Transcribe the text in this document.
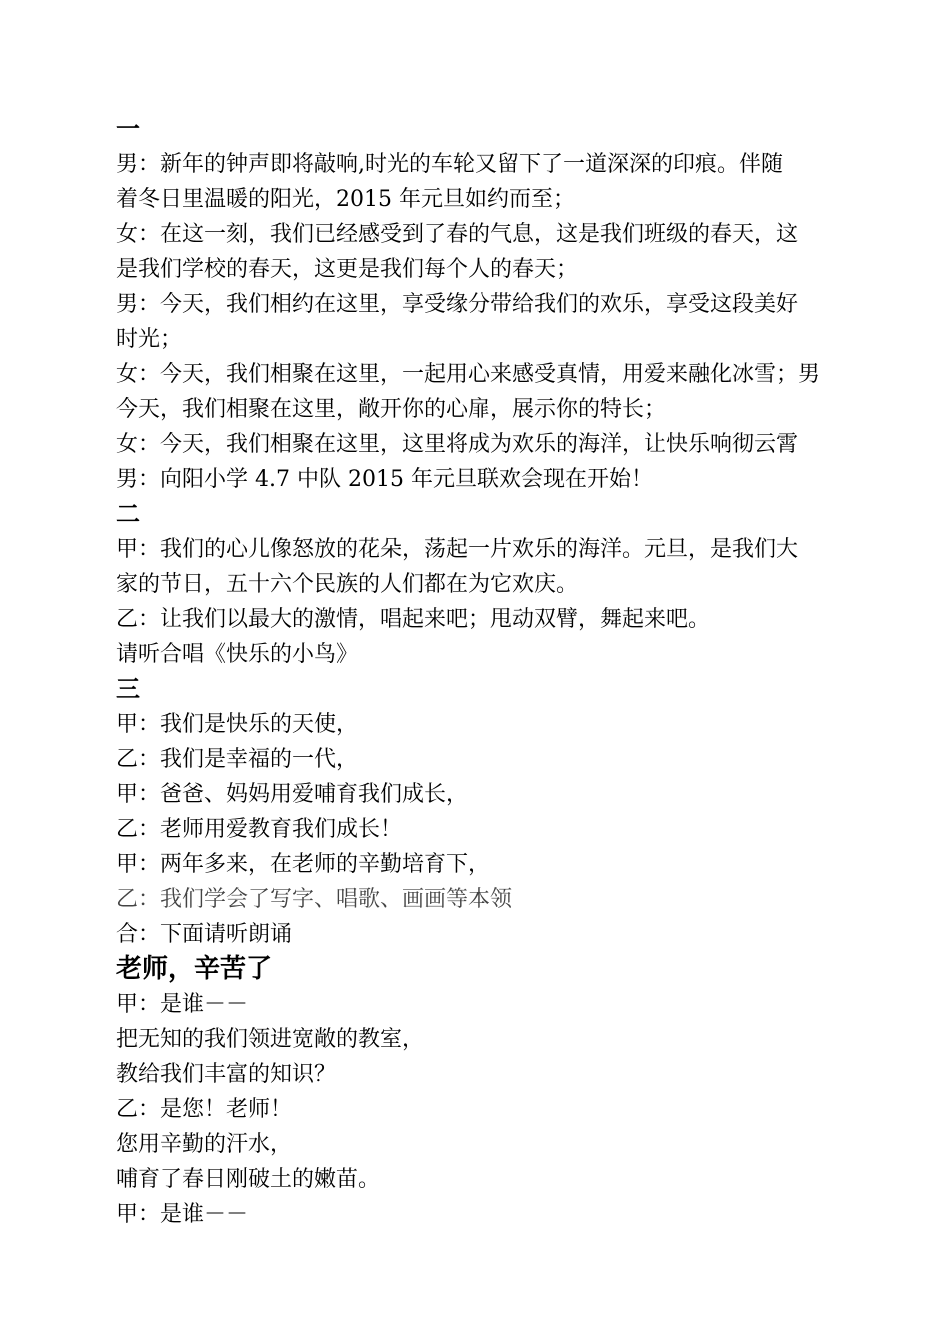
一
男：新年的钟声即将敲响,时光的车轮又留下了一道深深的印痕。伴随
着冬日里温暖的阳光，2015 年元旦如约而至；
女：在这一刻，我们已经感受到了春的气息，这是我们班级的春天，这
是我们学校的春天，这更是我们每个人的春天；
男：今天，我们相约在这里，享受缘分带给我们的欢乐，享受这段美好
时光；
女：今天，我们相聚在这里，一起用心来感受真情，用爱来融化冰雪；男
今天，我们相聚在这里，敞开你的心扉，展示你的特长；
女：今天，我们相聚在这里，这里将成为欢乐的海洋，让快乐响彻云霄
男：向阳小学 4.7 中队 2015 年元旦联欢会现在开始！
二
甲：我们的心儿像怒放的花朵，荡起一片欢乐的海洋。元旦，是我们大
家的节日，五十六个民族的人们都在为它欢庆。
乙：让我们以最大的激情，唱起来吧；甩动双臂，舞起来吧。
请听合唱《快乐的小鸟》
三
甲：我们是快乐的天使，
乙：我们是幸福的一代，
甲：爸爸、妈妈用爱哺育我们成长，
乙：老师用爱教育我们成长！
甲：两年多来，在老师的辛勤培育下，
乙：我们学会了写字、唱歌、画画等本领
合：下面请听朗诵
老师，辛苦了
甲：是谁－－
把无知的我们领进宽敞的教室，
教给我们丰富的知识？
乙：是您！老师！
您用辛勤的汗水，
哺育了春日刚破土的嫩苗。
甲：是谁－－
